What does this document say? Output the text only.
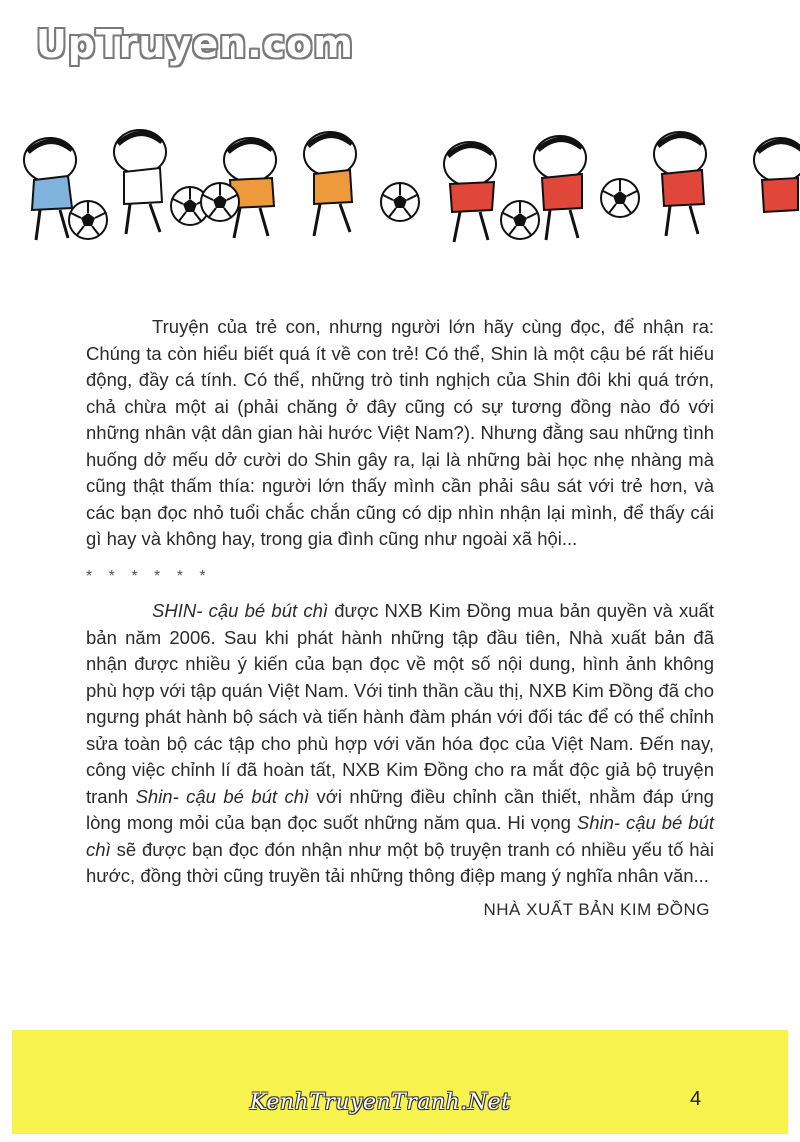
UpTruyen.com

Truyện của trẻ con, nhưng người lớn hãy cùng đọc, để nhận ra: Chúng ta còn hiểu biết quá ít về con trẻ! Có thể, Shin là một cậu bé rất hiếu động, đầy cá tính. Có thể, những trò tinh nghịch của Shin đôi khi quá trớn, chả chừa một ai (phải chăng ở đây cũng có sự tương đồng nào đó với những nhân vật dân gian hài hước Việt Nam?). Nhưng đằng sau những tình huống dở mếu dở cười do Shin gây ra, lại là những bài học nhẹ nhàng mà cũng thật thấm thía: người lớn thấy mình cần phải sâu sát với trẻ hơn, và các bạn đọc nhỏ tuổi chắc chắn cũng có dịp nhìn nhận lại mình, để thấy cái gì hay và không hay, trong gia đình cũng như ngoài xã hội...

* * * * * *

SHIN- cậu bé bút chì được NXB Kim Đồng mua bản quyền và xuất bản năm 2006. Sau khi phát hành những tập đầu tiên, Nhà xuất bản đã nhận được nhiều ý kiến của bạn đọc về một số nội dung, hình ảnh không phù hợp với tập quán Việt Nam. Với tinh thần cầu thị, NXB Kim Đồng đã cho ngưng phát hành bộ sách và tiến hành đàm phán với đối tác để có thể chỉnh sửa toàn bộ các tập cho phù hợp với văn hóa đọc của Việt Nam. Đến nay, công việc chỉnh lí đã hoàn tất, NXB Kim Đồng cho ra mắt độc giả bộ truyện tranh Shin- cậu bé bút chì với những điều chỉnh cần thiết, nhằm đáp ứng lòng mong mỏi của bạn đọc suốt những năm qua. Hi vọng Shin- cậu bé bút chì sẽ được bạn đọc đón nhận như một bộ truyện tranh có nhiều yếu tố hài hước, đồng thời cũng truyền tải những thông điệp mang ý nghĩa nhân văn...

NHÀ XUẤT BẢN KIM ĐỒNG
KenhTruyenTranh.Net	4
